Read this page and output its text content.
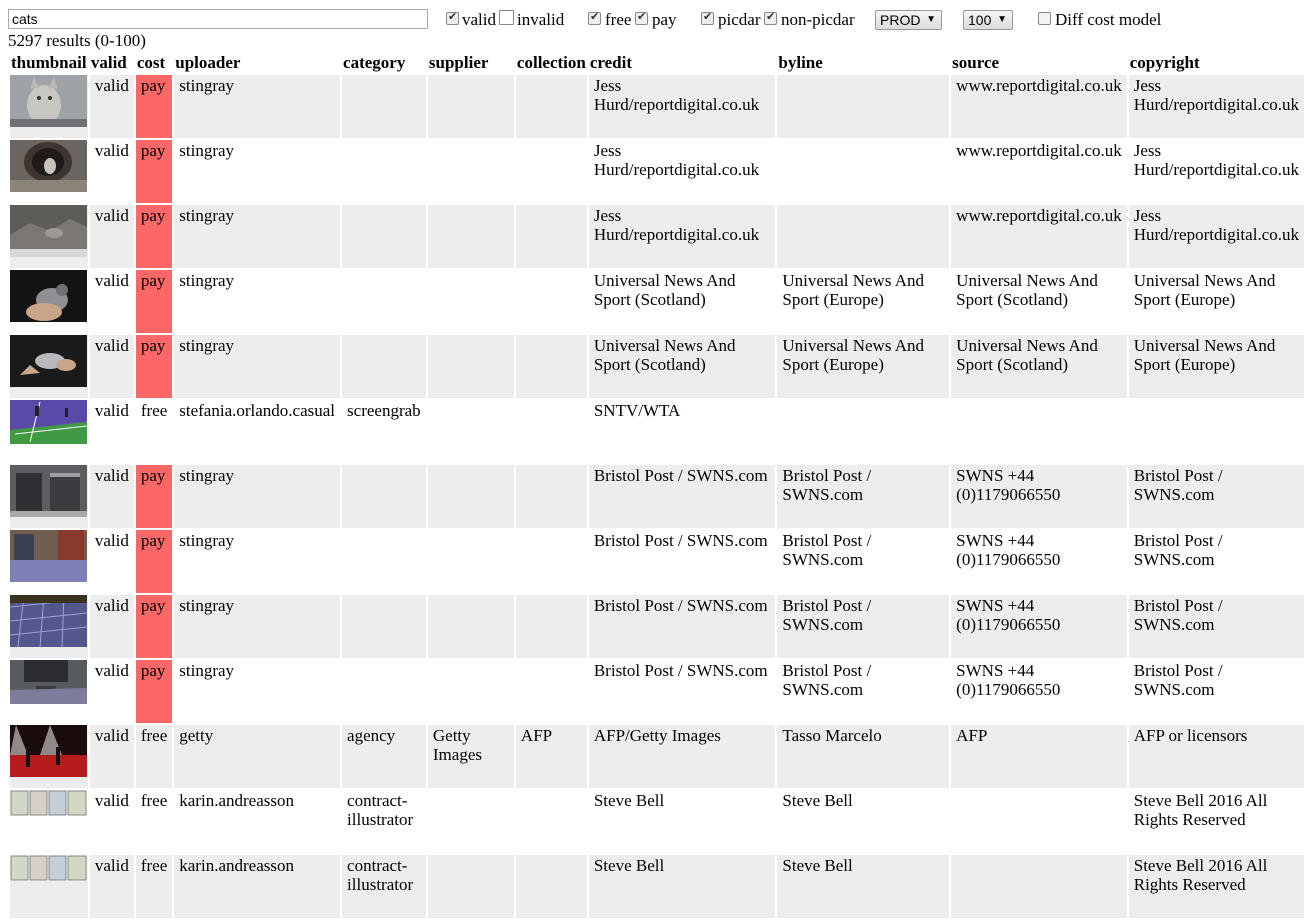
cats
✔
valid invalid ✔ free ✔ pay ✔ picdar ✔ non-picdar	PROD ▼	100 ▼	Diff cost model
5297 results (0-100)
thumbnail	valid	cost	uploader	category	supplier	collection	credit	byline	source	copyright

	valid	pay	stingray				Jess Hurd/reportdigital.co.uk		www.reportdigital.co.uk	Jess Hurd/reportdigital.co.uk

	valid	pay	stingray				Jess Hurd/reportdigital.co.uk		www.reportdigital.co.uk	Jess Hurd/reportdigital.co.uk

	valid	pay	stingray				Jess Hurd/reportdigital.co.uk		www.reportdigital.co.uk	Jess Hurd/reportdigital.co.uk

	valid	pay	stingray				Universal News And Sport (Scotland)	Universal News And Sport (Europe)	Universal News And Sport (Scotland)	Universal News And Sport (Europe)

	valid	pay	stingray				Universal News And Sport (Scotland)	Universal News And Sport (Europe)	Universal News And Sport (Scotland)	Universal News And Sport (Europe)

	valid	free	stefania.orlando.casual	screengrab			SNTV/WTA			

	valid	pay	stingray				Bristol Post / SWNS.com	Bristol Post / SWNS.com	SWNS +44 (0)1179066550	Bristol Post / SWNS.com

	valid	pay	stingray				Bristol Post / SWNS.com	Bristol Post / SWNS.com	SWNS +44 (0)1179066550	Bristol Post / SWNS.com

	valid	pay	stingray				Bristol Post / SWNS.com	Bristol Post / SWNS.com	SWNS +44 (0)1179066550	Bristol Post / SWNS.com

	valid	pay	stingray				Bristol Post / SWNS.com	Bristol Post / SWNS.com	SWNS +44 (0)1179066550	Bristol Post / SWNS.com

	valid	free	getty	agency	Getty Images	AFP	AFP/Getty Images	Tasso Marcelo	AFP	AFP or licensors

	valid	free	karin.andreasson	contract-illustrator			Steve Bell	Steve Bell		Steve Bell 2016 All Rights Reserved

	valid	free	karin.andreasson	contract-illustrator			Steve Bell	Steve Bell		Steve Bell 2016 All Rights Reserved
